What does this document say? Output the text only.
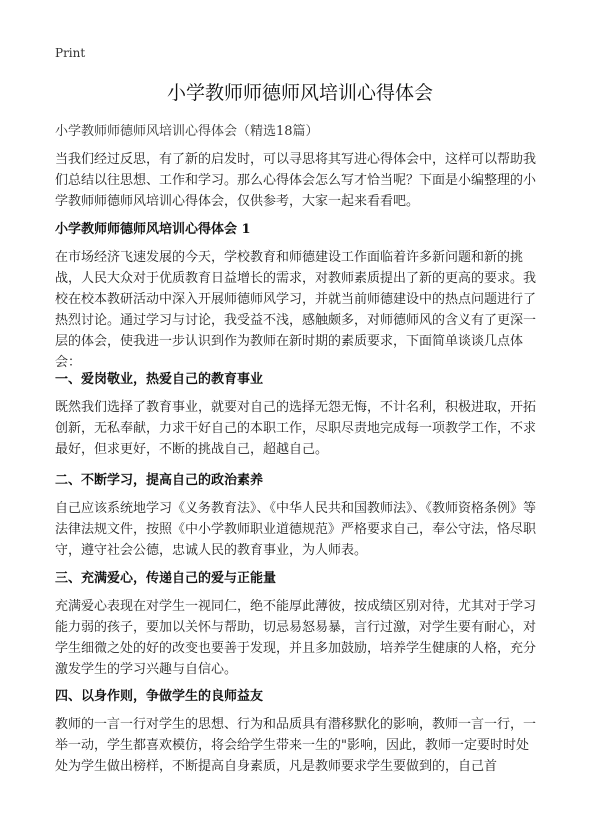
Print
小学教师师德师风培训心得体会
小学教师师德师风培训心得体会（精选18篇）

当我们经过反思，有了新的启发时，可以寻思将其写进心得体会中，这样可以帮助我们总结以往思想、工作和学习。那么心得体会怎么写才恰当呢？下面是小编整理的小学教师师德师风培训心得体会，仅供参考，大家一起来看看吧。

小学教师师德师风培训心得体会 1

在市场经济飞速发展的今天，学校教育和师德建设工作面临着许多新问题和新的挑战，人民大众对于优质教育日益增长的需求，对教师素质提出了新的更高的要求。我校在校本教研活动中深入开展师德师风学习，并就当前师德建设中的热点问题进行了热烈讨论。通过学习与讨论，我受益不浅，感触颇多，对师德师风的含义有了更深一层的体会，使我进一步认识到作为教师在新时期的素质要求，下面简单谈谈几点体会：

一、爱岗敬业，热爱自己的教育事业

既然我们选择了教育事业，就要对自己的选择无怨无悔，不计名利，积极进取，开拓创新，无私奉献，力求干好自己的本职工作，尽职尽责地完成每一项教学工作，不求最好，但求更好，不断的挑战自己，超越自己。

二、不断学习，提高自己的政治素养

自己应该系统地学习《义务教育法》、《中华人民共和国教师法》、《教师资格条例》等法律法规文件，按照《中小学教师职业道德规范》严格要求自己，奉公守法，恪尽职守，遵守社会公德，忠诚人民的教育事业，为人师表。

三、充满爱心，传递自己的爱与正能量

充满爱心表现在对学生一视同仁，绝不能厚此薄彼，按成绩区别对待，尤其对于学习能力弱的孩子，要加以关怀与帮助，切忌易怒易暴，言行过激，对学生要有耐心，对学生细微之处的好的改变也要善于发现，并且多加鼓励，培养学生健康的人格，充分激发学生的学习兴趣与自信心。

四、以身作则，争做学生的良师益友

教师的一言一行对学生的思想、行为和品质具有潜移默化的影响，教师一言一行，一举一动，学生都喜欢模仿，将会给学生带来一生的"影响，因此，教师一定要时时处处为学生做出榜样，不断提高自身素质，凡是教师要求学生要做到的，自己首
